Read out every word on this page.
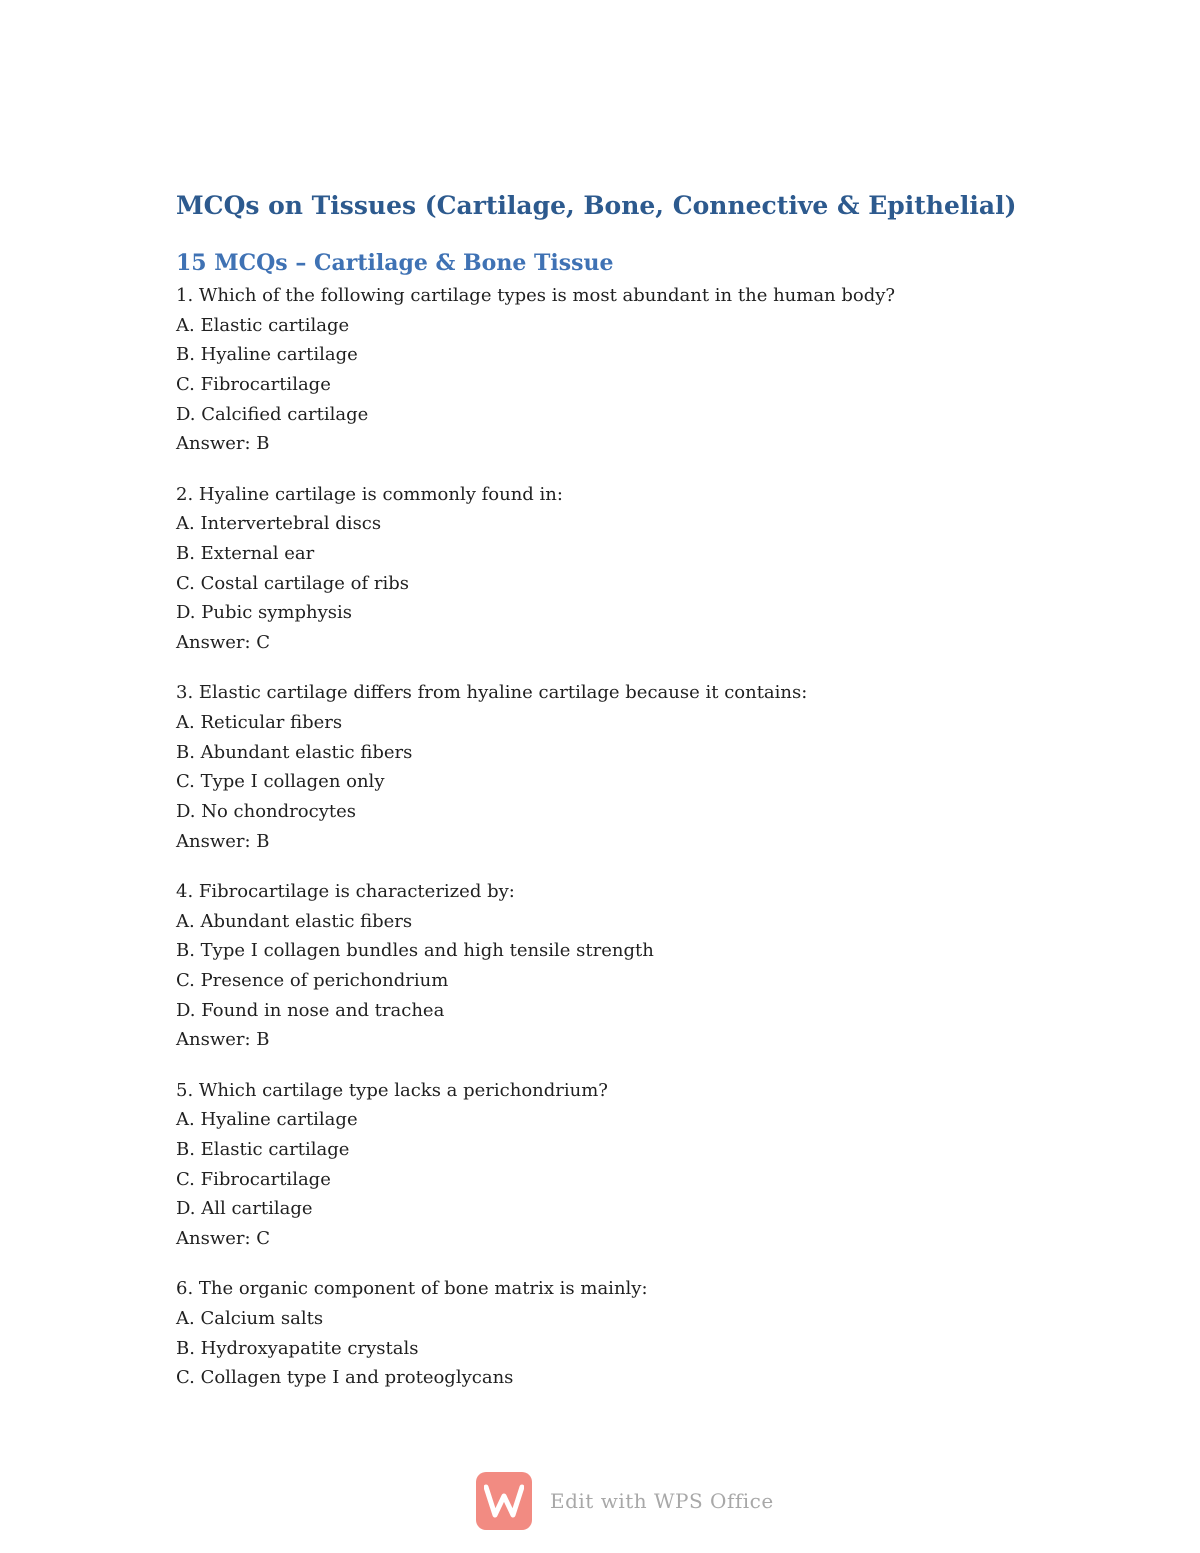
MCQs on Tissues (Cartilage, Bone, Connective & Epithelial)
15 MCQs – Cartilage & Bone Tissue
1. Which of the following cartilage types is most abundant in the human body?
A. Elastic cartilage
B. Hyaline cartilage
C. Fibrocartilage
D. Calcified cartilage
Answer: B
2. Hyaline cartilage is commonly found in:
A. Intervertebral discs
B. External ear
C. Costal cartilage of ribs
D. Pubic symphysis
Answer: C
3. Elastic cartilage differs from hyaline cartilage because it contains:
A. Reticular fibers
B. Abundant elastic fibers
C. Type I collagen only
D. No chondrocytes
Answer: B
4. Fibrocartilage is characterized by:
A. Abundant elastic fibers
B. Type I collagen bundles and high tensile strength
C. Presence of perichondrium
D. Found in nose and trachea
Answer: B
5. Which cartilage type lacks a perichondrium?
A. Hyaline cartilage
B. Elastic cartilage
C. Fibrocartilage
D. All cartilage
Answer: C
6. The organic component of bone matrix is mainly:
A. Calcium salts
B. Hydroxyapatite crystals
C. Collagen type I and proteoglycans
Edit with WPS Office
